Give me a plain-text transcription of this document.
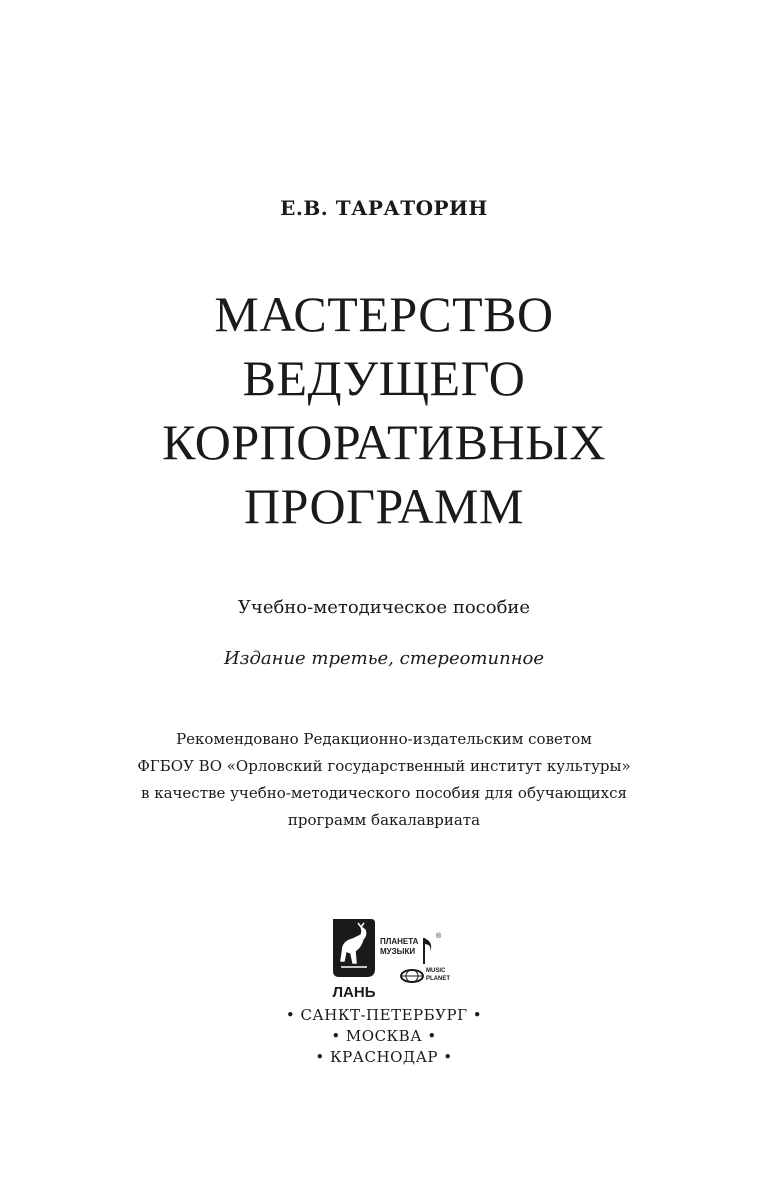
Е.В. ТАРАТОРИН
МАСТЕРСТВО
ВЕДУЩЕГО
КОРПОРАТИВНЫХ
ПРОГРАММ
Учебно-методическое пособие
Издание третье, стереотипное
Рекомендовано Редакционно-издательским советом
ФГБОУ ВО «Орловский государственный институт культуры»
в качестве учебно-методического пособия для обучающихся
программ бакалавриата
ЛАНЬ
ПЛАНЕТА
МУЗЫКИ
®
MUSIC
PLANET
• САНКТ-ПЕТЕРБУРГ •
• МОСКВА •
• КРАСНОДАР •
